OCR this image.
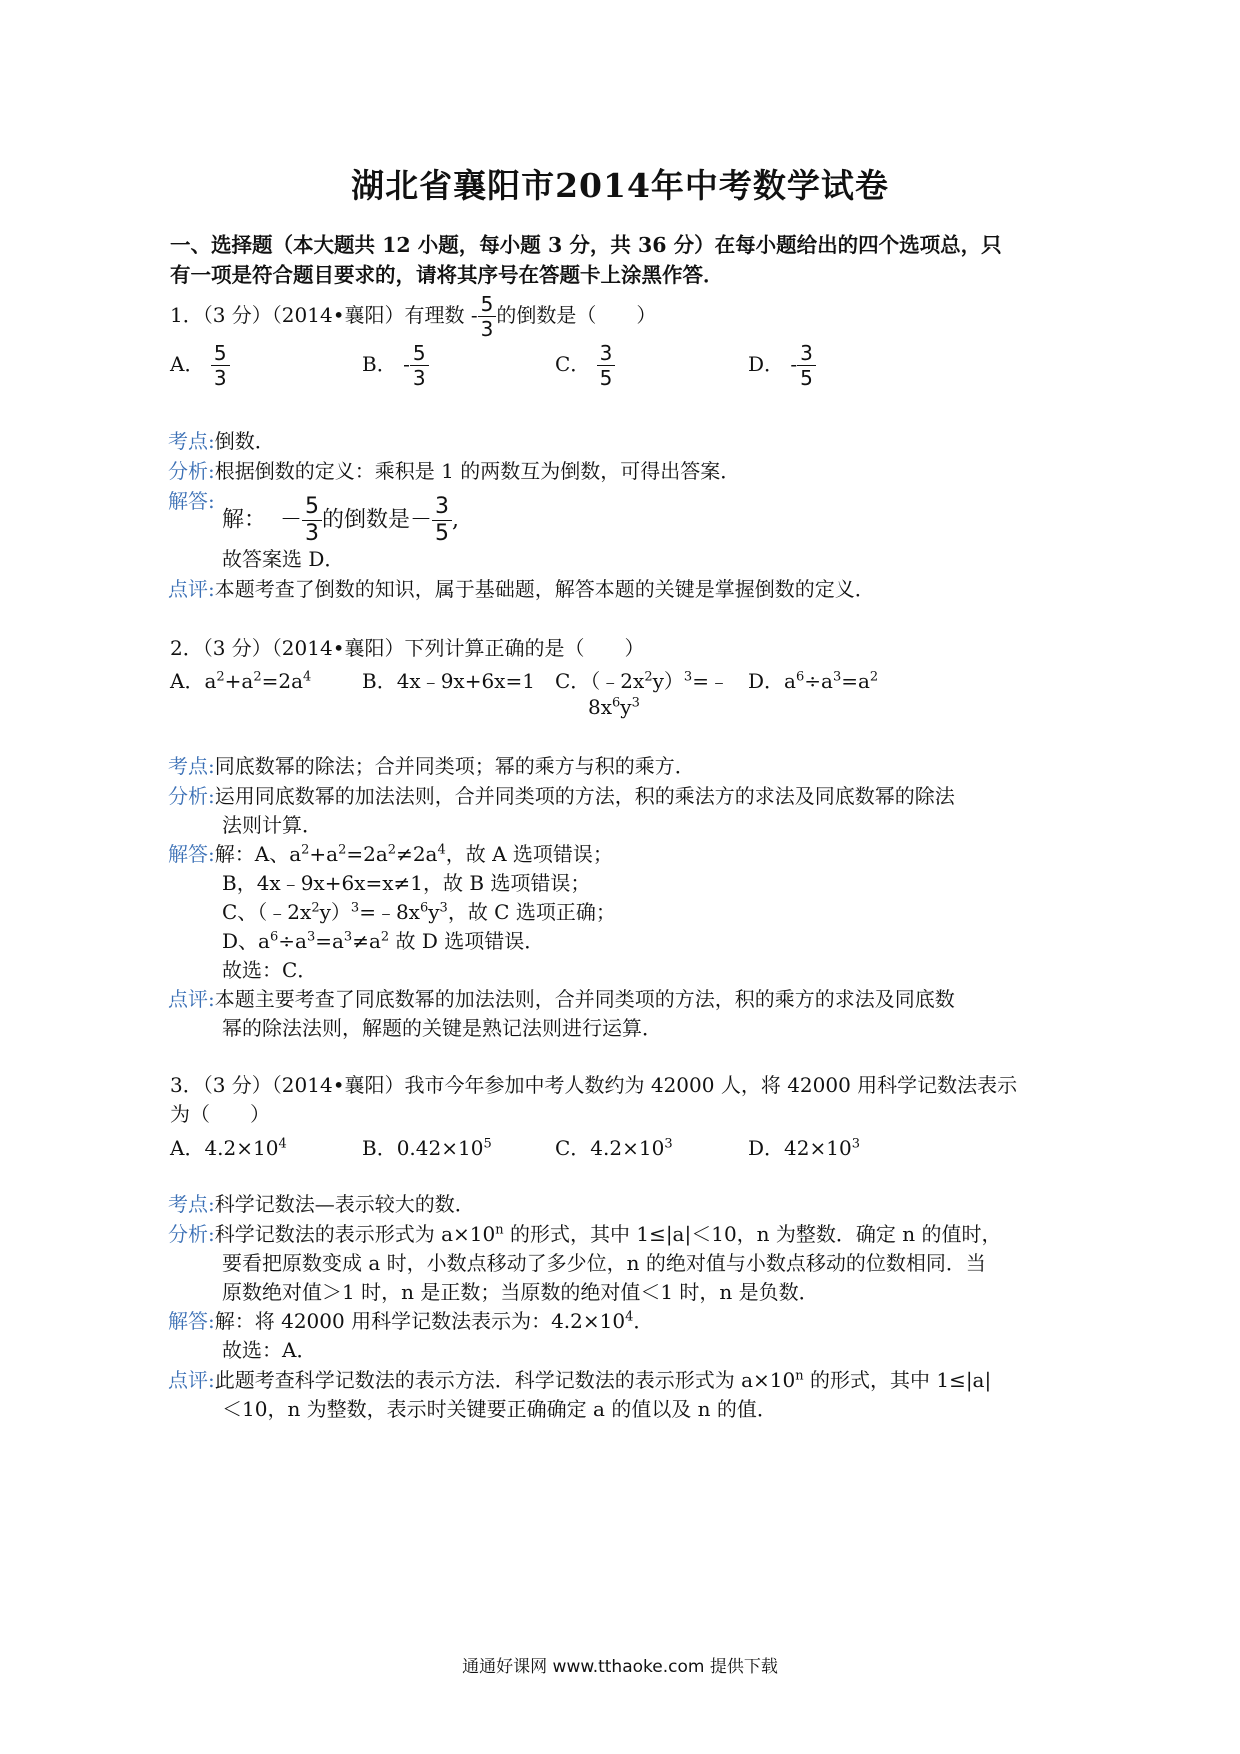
湖北省襄阳市2014年中考数学试卷
一、选择题（本大题共 12 小题，每小题 3 分，共 36 分）在每小题给出的四个选项总，只
有一项是符合题目要求的，请将其序号在答题卡上涂黑作答．
1．（3 分）（2014•襄阳）有理数 - $\frac{5}{3}$ 的倒数是（　　）
A． $\frac{5}{3}$	B． - $\frac{5}{3}$	C． $\frac{3}{5}$	D． - $\frac{3}{5}$
考点:倒数．
分析:根据倒数的定义：乘积是 1 的两数互为倒数，可得出答案．
解答:
解：  － $\frac{5}{3}$ 的倒数是－ $\frac{3}{5}$ ,
故答案选 D．
点评:本题考查了倒数的知识，属于基础题，解答本题的关键是掌握倒数的定义．
2．（3 分）（2014•襄阳）下列计算正确的是（　　）
A．$a^2+a^2=2a^4$	B．4x﹣9x+6x=1 C．$(﹣2x^2y)^3=﹣$
$8x^6y^3$
D．$a^6\div a^3=a^2$
考点:同底数幂的除法；合并同类项；幂的乘方与积的乘方．
分析:运用同底数幂的加法法则，合并同类项的方法，积的乘法方的求法及同底数幂的除法
法则计算．
解答:解：A、$a^2+a^2=2a^2\ne 2a^4$，故 A 选项错误；
B，4x﹣9x+6x=x≠1，故 B 选项错误；
C、$(﹣2x^2y)^3=﹣8x^6y^3$，故 C 选项正确；
D、$a^6\div a^3=a^3\ne a^2$ 故 D 选项错误．
故选：C．
点评:本题主要考查了同底数幂的加法法则，合并同类项的方法，积的乘方的求法及同底数
幂的除法法则，解题的关键是熟记法则进行运算．
3．（3 分）（2014•襄阳）我市今年参加中考人数约为 42000 人，将 42000 用科学记数法表示
为（　　）
A．$4.2\times 10^4$	B．$0.42\times 10^5$	C．$4.2\times 10^3$	D．$42\times 10^3$
考点:科学记数法—表示较大的数．
分析:科学记数法的表示形式为 $a\times 10^n$ 的形式，其中 1≤|a|＜10，n 为整数．确定 n 的值时，
要看把原数变成 a 时，小数点移动了多少位，n 的绝对值与小数点移动的位数相同．当
原数绝对值＞1 时，n 是正数；当原数的绝对值＜1 时，n 是负数．
解答:解：将 42000 用科学记数法表示为：$4.2\times 10^4$．
故选：A．
点评:此题考查科学记数法的表示方法．科学记数法的表示形式为 $a\times 10^n$ 的形式，其中 1≤|a|
＜10，n 为整数，表示时关键要正确确定 a 的值以及 n 的值．
通通好课网 www.tthaoke.com 提供下载
